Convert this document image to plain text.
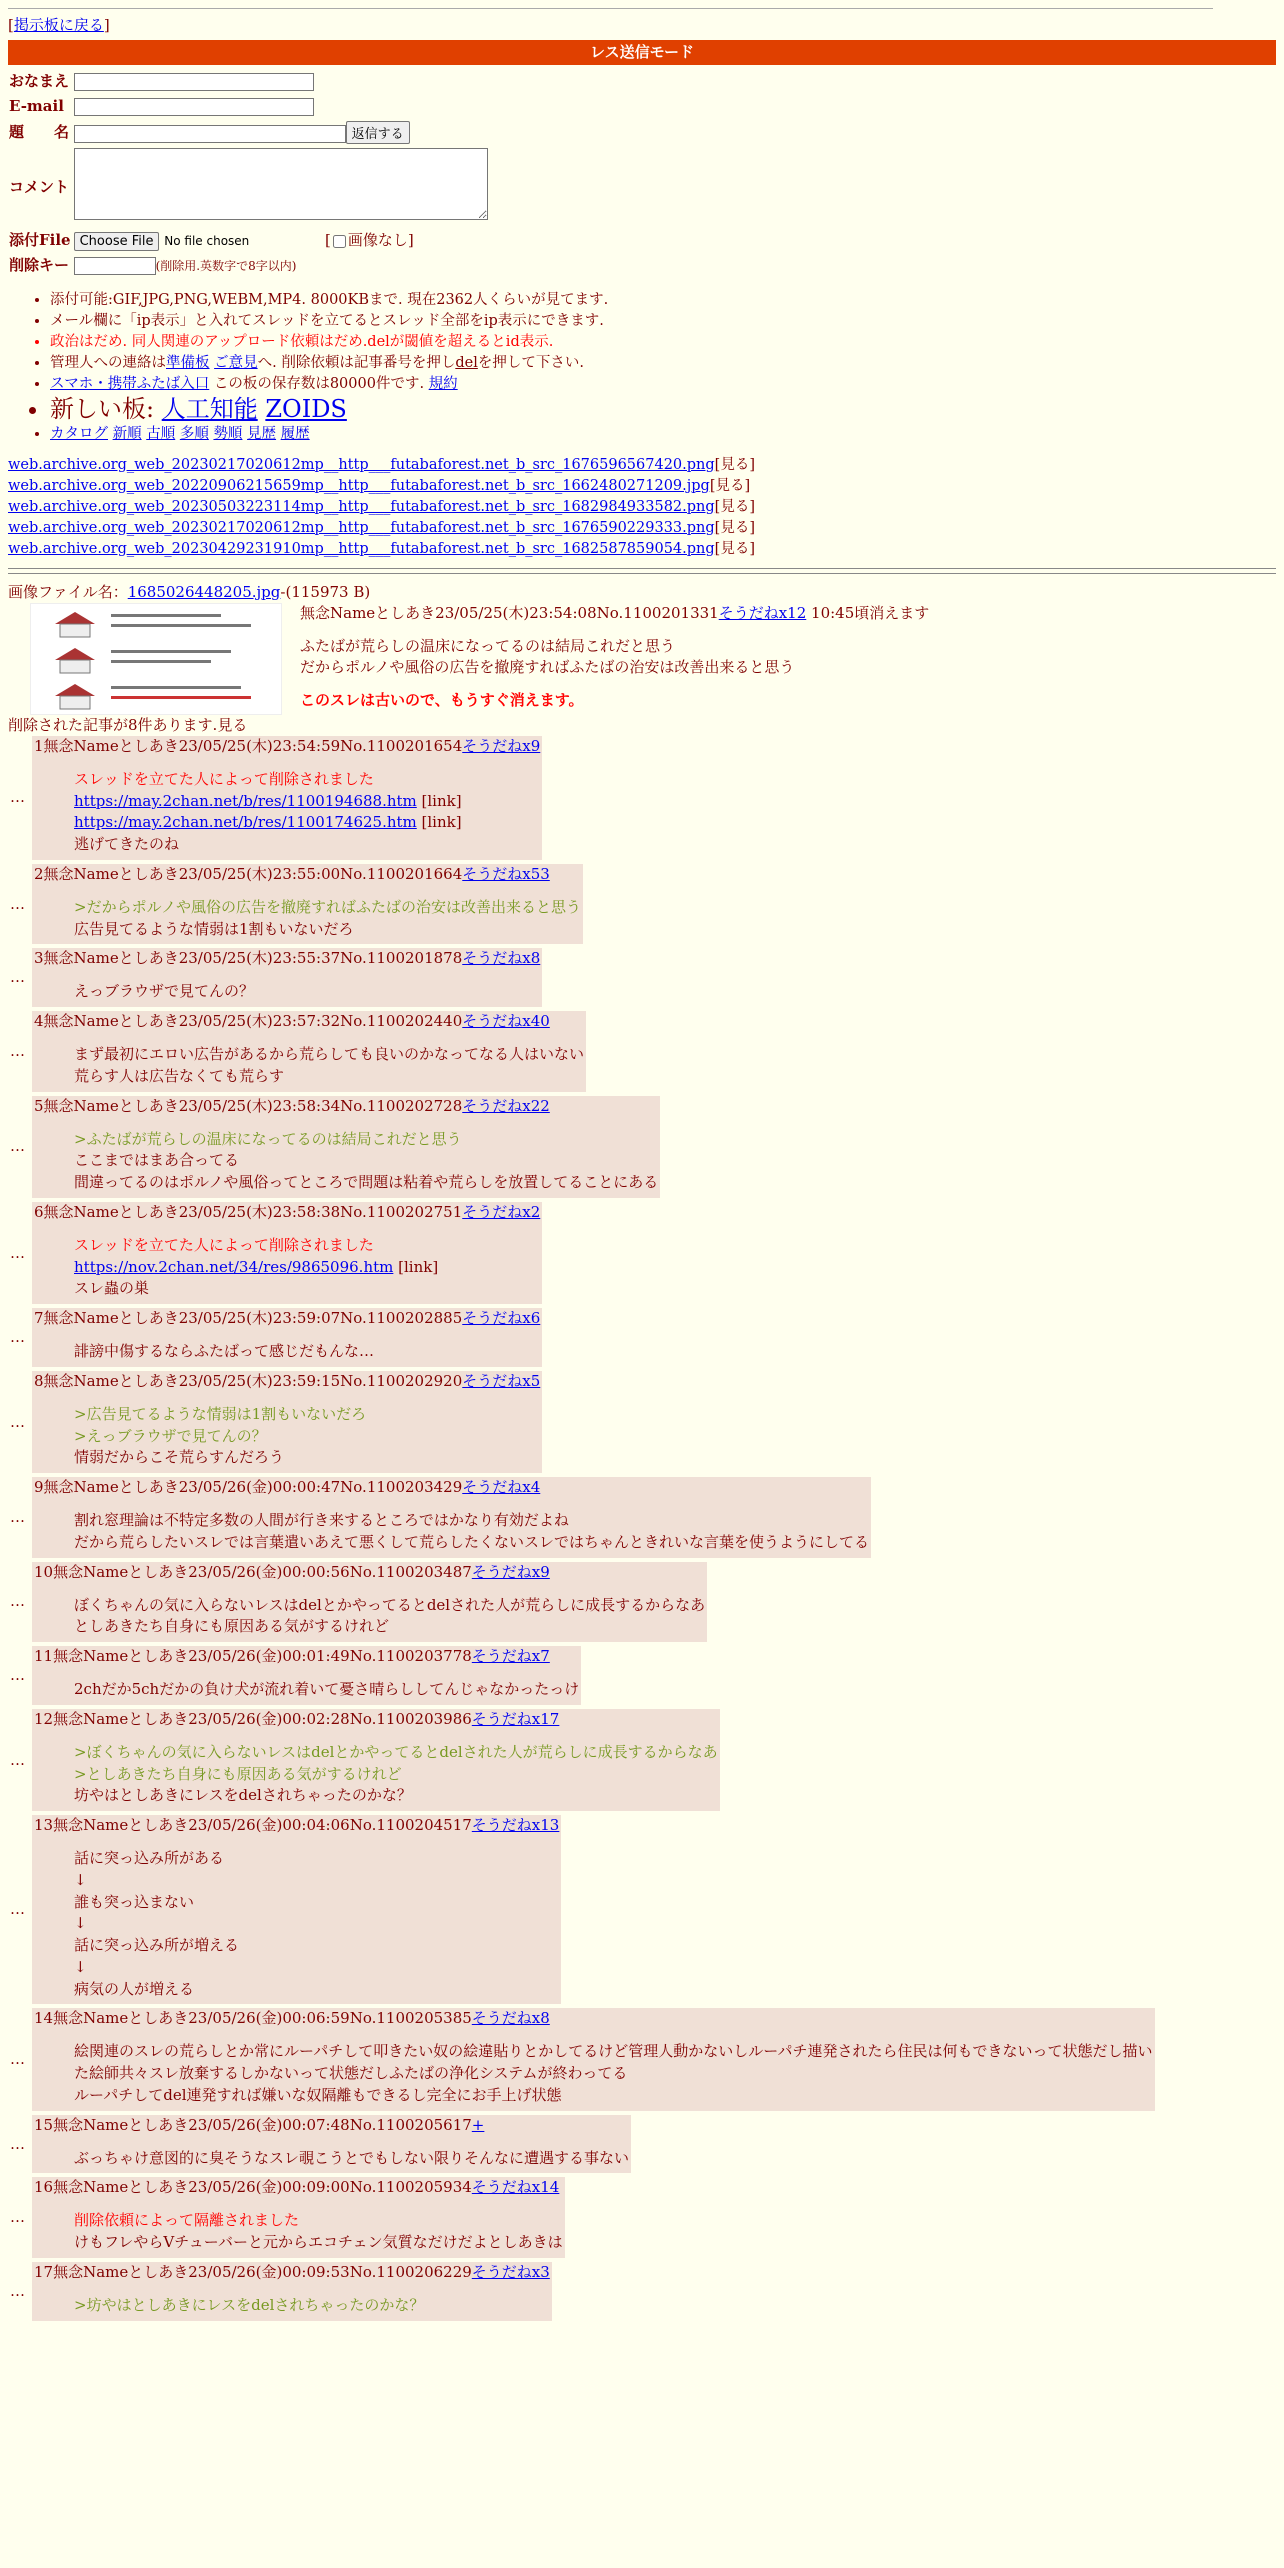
[掲示板に戻る]
レス送信モード
おなまえ	
E-mail	
題　　名	返信する
コメント	
添付File	Choose File No file chosen [ 画像なし]
削除キー	(削除用.英数字で8字以内)
• 添付可能:GIF,JPG,PNG,WEBM,MP4. 8000KBまで. 現在2362人くらいが見てます.
• メール欄に「ip表示」と入れてスレッドを立てるとスレッド全部をip表示にできます.
• 政治はだめ. 同人関連のアップロード依頼はだめ.delが閾値を超えるとid表示.
• 管理人への連絡は準備板 ご意見へ. 削除依頼は記事番号を押しdelを押して下さい.
• スマホ・携帯ふたば入口 この板の保存数は80000件です. 規約
• 新しい板: 人工知能 ZOIDS
• カタログ 新順 古順 多順 勢順 見歴 履歴
web.archive.org_web_20230217020612mp__http___futabaforest.net_b_src_1676596567420.png[見る]
web.archive.org_web_20220906215659mp__http___futabaforest.net_b_src_1662480271209.jpg[見る]
web.archive.org_web_20230503223114mp__http___futabaforest.net_b_src_1682984933582.png[見る]
web.archive.org_web_20230217020612mp__http___futabaforest.net_b_src_1676590229333.png[見る]
web.archive.org_web_20230429231910mp__http___futabaforest.net_b_src_1682587859054.png[見る]
画像ファイル名：1685026448205.jpg-(115973 B)
無念Nameとしあき23/05/25(木)23:54:08No.1100201331そうだねx12 10:45頃消えます
ふたばが荒らしの温床になってるのは結局これだと思う
だからポルノや風俗の広告を撤廃すればふたばの治安は改善出来ると思う
このスレは古いので、もうすぐ消えます。
削除された記事が8件あります.見る
…	
1無念Nameとしあき23/05/25(木)23:54:59No.1100201654そうだねx9
スレッドを立てた人によって削除されました
https://may.2chan.net/b/res/1100194688.htm [link]
https://may.2chan.net/b/res/1100174625.htm [link]
逃げてきたのね
…	
2無念Nameとしあき23/05/25(木)23:55:00No.1100201664そうだねx53
>だからポルノや風俗の広告を撤廃すればふたばの治安は改善出来ると思う
広告見てるような情弱は1割もいないだろ
…	
3無念Nameとしあき23/05/25(木)23:55:37No.1100201878そうだねx8
えっブラウザで見てんの？
…	
4無念Nameとしあき23/05/25(木)23:57:32No.1100202440そうだねx40
まず最初にエロい広告があるから荒らしても良いのかなってなる人はいない
荒らす人は広告なくても荒らす
…	
5無念Nameとしあき23/05/25(木)23:58:34No.1100202728そうだねx22
>ふたばが荒らしの温床になってるのは結局これだと思う
ここまではまあ合ってる
間違ってるのはポルノや風俗ってところで問題は粘着や荒らしを放置してることにある
…	
6無念Nameとしあき23/05/25(木)23:58:38No.1100202751そうだねx2
スレッドを立てた人によって削除されました
https://nov.2chan.net/34/res/9865096.htm [link]
スレ蟲の巣
…	
7無念Nameとしあき23/05/25(木)23:59:07No.1100202885そうだねx6
誹謗中傷するならふたばって感じだもんな…
…	
8無念Nameとしあき23/05/25(木)23:59:15No.1100202920そうだねx5
>広告見てるような情弱は1割もいないだろ
>えっブラウザで見てんの？
情弱だからこそ荒らすんだろう
…	
9無念Nameとしあき23/05/26(金)00:00:47No.1100203429そうだねx4
割れ窓理論は不特定多数の人間が行き来するところではかなり有効だよね
だから荒らしたいスレでは言葉遣いあえて悪くして荒らしたくないスレではちゃんときれいな言葉を使うようにしてる
…	
10無念Nameとしあき23/05/26(金)00:00:56No.1100203487そうだねx9
ぼくちゃんの気に入らないレスはdelとかやってるとdelされた人が荒らしに成長するからなあ
としあきたち自身にも原因ある気がするけれど
…	
11無念Nameとしあき23/05/26(金)00:01:49No.1100203778そうだねx7
2chだか5chだかの負け犬が流れ着いて憂さ晴らししてんじゃなかったっけ
…	
12無念Nameとしあき23/05/26(金)00:02:28No.1100203986そうだねx17
>ぼくちゃんの気に入らないレスはdelとかやってるとdelされた人が荒らしに成長するからなあ
>としあきたち自身にも原因ある気がするけれど
坊やはとしあきにレスをdelされちゃったのかな？
…	
13無念Nameとしあき23/05/26(金)00:04:06No.1100204517そうだねx13
話に突っ込み所がある
↓
誰も突っ込まない
↓
話に突っ込み所が増える
↓
病気の人が増える
…	
14無念Nameとしあき23/05/26(金)00:06:59No.1100205385そうだねx8
絵関連のスレの荒らしとか常にルーパチして叩きたい奴の絵違貼りとかしてるけど管理人動かないしルーパチ連発されたら住民は何もできないって状態だし描い
た絵師共々スレ放棄するしかないって状態だしふたばの浄化システムが終わってる
ルーパチしてdel連発すれば嫌いな奴隔離もできるし完全にお手上げ状態
…	
15無念Nameとしあき23/05/26(金)00:07:48No.1100205617+
ぶっちゃけ意図的に臭そうなスレ覗こうとでもしない限りそんなに遭遇する事ない
…	
16無念Nameとしあき23/05/26(金)00:09:00No.1100205934そうだねx14
削除依頼によって隔離されました
けもフレやらVチューバーと元からエコチェン気質なだけだよとしあきは
…	
17無念Nameとしあき23/05/26(金)00:09:53No.1100206229そうだねx3
>坊やはとしあきにレスをdelされちゃったのかな？
